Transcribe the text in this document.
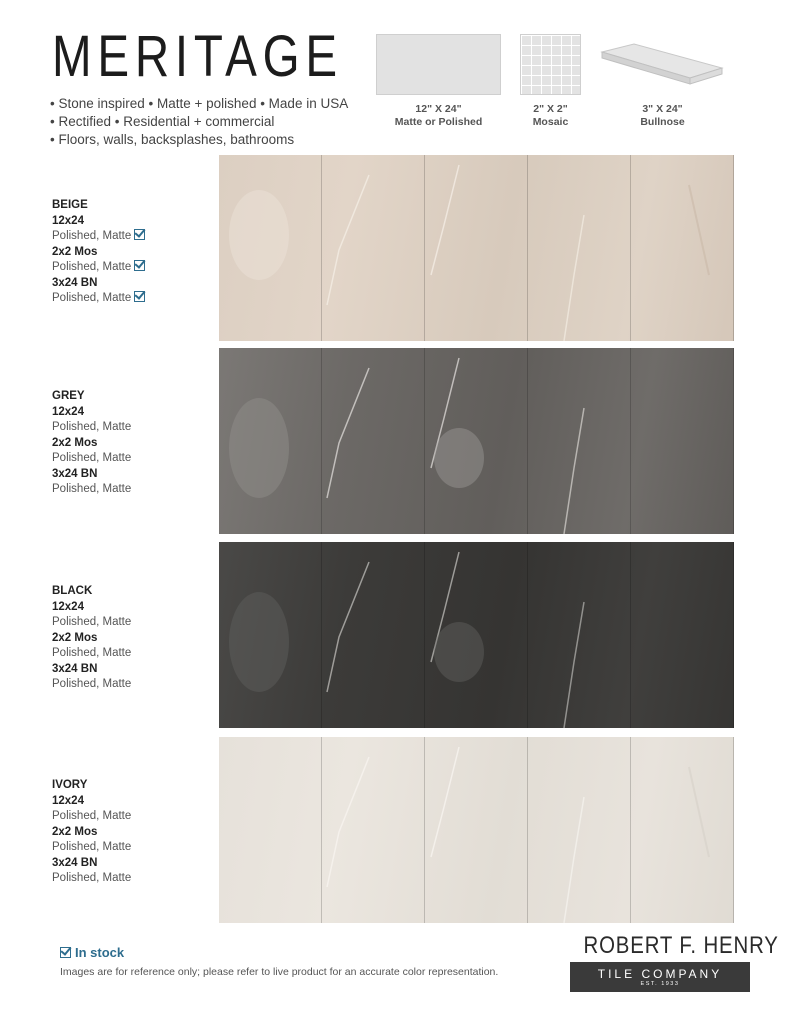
MERITAGE
• Stone inspired • Matte + polished • Made in USA
• Rectified • Residential + commercial
• Floors, walls, backsplashes, bathrooms
12" X 24"
Matte or Polished
2" X 2"
Mosaic
3" X 24"
Bullnose
BEIGE
12x24
Polished, Matte
2x2 Mos
Polished, Matte
3x24 BN
Polished, Matte
GREY
12x24
Polished, Matte
2x2 Mos
Polished, Matte
3x24 BN
Polished, Matte
BLACK
12x24
Polished, Matte
2x2 Mos
Polished, Matte
3x24 BN
Polished, Matte
IVORY
12x24
Polished, Matte
2x2 Mos
Polished, Matte
3x24 BN
Polished, Matte
In stock
Images are for reference only; please refer to live product for an accurate color representation.
ROBERT F. HENRY
TILE COMPANY
EST. 1933
